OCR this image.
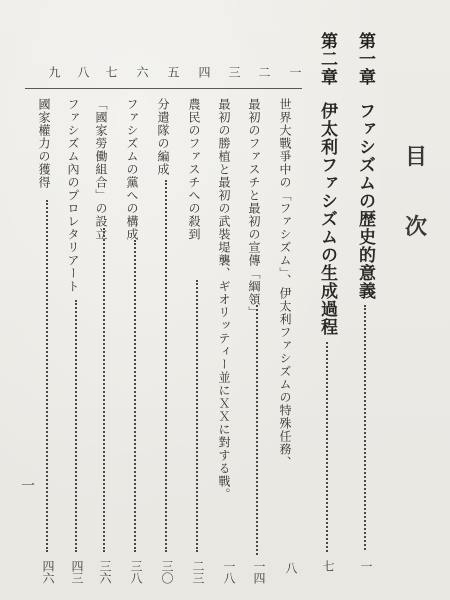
目
次
第一章
ファシズムの歴史的意義
一
第二章
伊太利ファシズムの生成過程
七
一
世界大戰爭中の「ファシズム」、伊太利ファシズムの特殊任務、
八
二
最初のファスチと最初の宣傳「綱領」
一四
三
最初の勝植と最初の武裝堤襲、ギオリッティー並にＸＸに對する戰。
一八
四
農民のファスチへの殺到
二三
五
分遣隊の編成
三〇
六
ファシズムの黨への構成
三八
七
「國家勞働組合」の設立
三六
八
ファシズム內のプロレタリアート
四三
九
國家權力の獲得
四六
一
